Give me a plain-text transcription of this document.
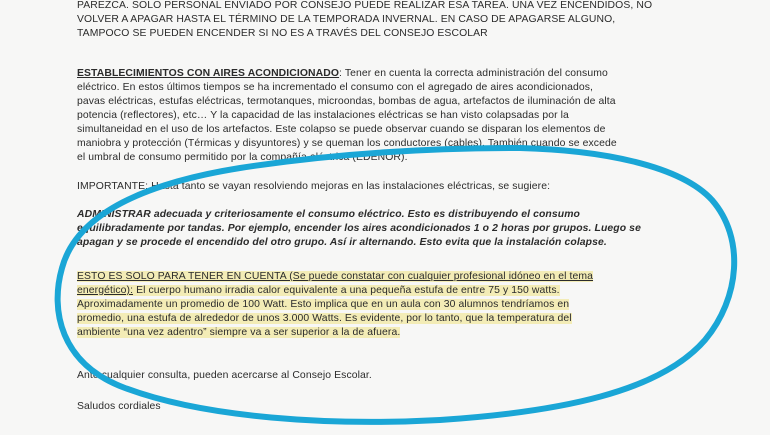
PAREZCA. SOLO PERSONAL ENVIADO POR CONSEJO PUEDE REALIZAR ESA TAREA. UNA VEZ ENCENDIDOS, NO
VOLVER A APAGAR HASTA EL TÉRMINO DE LA TEMPORADA INVERNAL. EN CASO DE APAGARSE ALGUNO,
TAMPOCO SE PUEDEN ENCENDER SI NO ES A TRAVÉS DEL CONSEJO ESCOLAR
ESTABLECIMIENTOS CON AIRES ACONDICIONADO: Tener en cuenta la correcta administración del consumo
eléctrico. En estos últimos tiempos se ha incrementado el consumo con el agregado de aires acondicionados,
pavas eléctricas, estufas eléctricas, termotanques, microondas, bombas de agua, artefactos de iluminación de alta
potencia (reflectores), etc… Y la capacidad de las instalaciones eléctricas se han visto colapsadas por la
simultaneidad en el uso de los artefactos. Este colapso se puede observar cuando se disparan los elementos de
maniobra y protección (Térmicas y disyuntores) y se queman los conductores (cables). También cuando se excede
el umbral de consumo permitido por la compañía eléctrica (EDENOR).
IMPORTANTE: Hasta tanto se vayan resolviendo mejoras en las instalaciones eléctricas, se sugiere:
ADMINISTRAR adecuada y criteriosamente el consumo eléctrico. Esto es distribuyendo el consumo
equilibradamente por tandas. Por ejemplo, encender los aires acondicionados 1 o 2 horas por grupos. Luego se
apagan y se procede el encendido del otro grupo. Así ir alternando. Esto evita que la instalación colapse.
ESTO ES SOLO PARA TENER EN CUENTA (Se puede constatar con cualquier profesional idóneo en el tema
energético): El cuerpo humano irradia calor equivalente a una pequeña estufa de entre 75 y 150 watts.
Aproximadamente un promedio de 100 Watt. Esto implica que en un aula con 30 alumnos tendríamos en
promedio, una estufa de alrededor de unos 3.000 Watts. Es evidente, por lo tanto, que la temperatura del
ambiente “una vez adentro” siempre va a ser superior a la de afuera.
Ante cualquier consulta, pueden acercarse al Consejo Escolar.
Saludos cordiales
